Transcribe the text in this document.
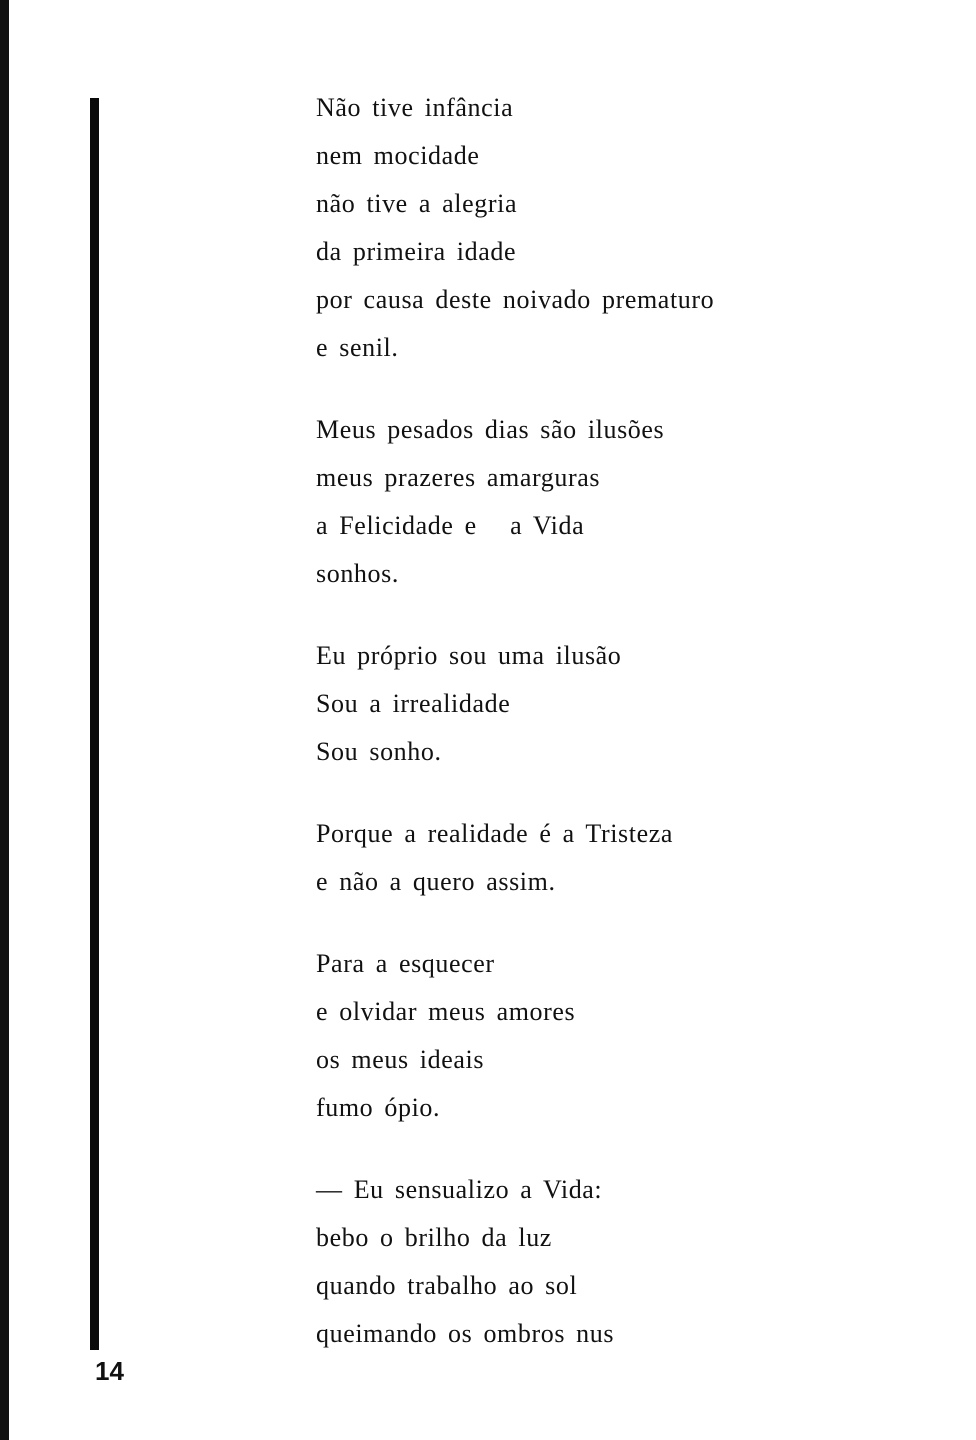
Não tive infância
nem mocidade
não tive a alegria
da primeira idade
por causa deste noivado prematuro
e senil.
Meus pesados dias são ilusões
meus prazeres amarguras
a Felicidade e   a Vida
sonhos.
Eu próprio sou uma ilusão
Sou a irrealidade
Sou sonho.
Porque a realidade é a Tristeza
e não a quero assim.
Para a esquecer
e olvidar meus amores
os meus ideais
fumo ópio.
— Eu sensualizo a Vida:
bebo o brilho da luz
quando trabalho ao sol
queimando os ombros nus
14
